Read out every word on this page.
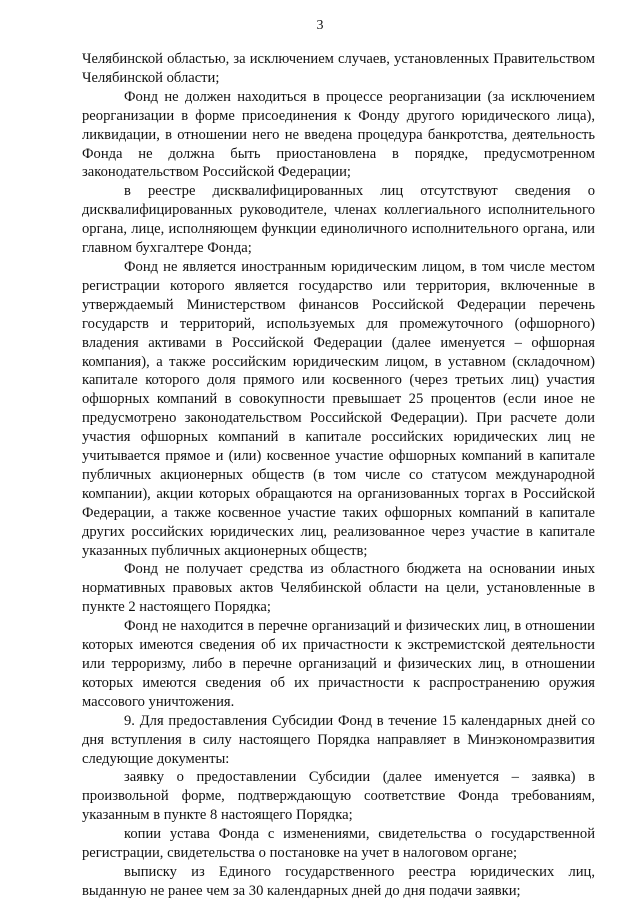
3

Челябинской областью, за исключением случаев, установленных Правительством Челябинской области;

Фонд не должен находиться в процессе реорганизации (за исключением реорганизации в форме присоединения к Фонду другого юридического лица), ликвидации, в отношении него не введена процедура банкротства, деятельность Фонда не должна быть приостановлена в порядке, предусмотренном законодательством Российской Федерации;

в реестре дисквалифицированных лиц отсутствуют сведения о дисквалифицированных руководителе, членах коллегиального исполнительного органа, лице, исполняющем функции единоличного исполнительного органа, или главном бухгалтере Фонда;

Фонд не является иностранным юридическим лицом, в том числе местом регистрации которого является государство или территория, включенные в утверждаемый Министерством финансов Российской Федерации перечень государств и территорий, используемых для промежуточного (офшорного) владения активами в Российской Федерации (далее именуется – офшорная компания), а также российским юридическим лицом, в уставном (складочном) капитале которого доля прямого или косвенного (через третьих лиц) участия офшорных компаний в совокупности превышает 25 процентов (если иное не предусмотрено законодательством Российской Федерации). При расчете доли участия офшорных компаний в капитале российских юридических лиц не учитывается прямое и (или) косвенное участие офшорных компаний в капитале публичных акционерных обществ (в том числе со статусом международной компании), акции которых обращаются на организованных торгах в Российской Федерации, а также косвенное участие таких офшорных компаний в капитале других российских юридических лиц, реализованное через участие в капитале указанных публичных акционерных обществ;

Фонд не получает средства из областного бюджета на основании иных нормативных правовых актов Челябинской области на цели, установленные в пункте 2 настоящего Порядка;

Фонд не находится в перечне организаций и физических лиц, в отношении которых имеются сведения об их причастности к экстремистской деятельности или терроризму, либо в перечне организаций и физических лиц, в отношении которых имеются сведения об их причастности к распространению оружия массового уничтожения.

9. Для предоставления Субсидии Фонд в течение 15 календарных дней со дня вступления в силу настоящего Порядка направляет в Минэкономразвития следующие документы:

заявку о предоставлении Субсидии (далее именуется – заявка) в произвольной форме, подтверждающую соответствие Фонда требованиям, указанным в пункте 8 настоящего Порядка;

копии устава Фонда с изменениями, свидетельства о государственной регистрации, свидетельства о постановке на учет в налоговом органе;

выписку из Единого государственного реестра юридических лиц, выданную не ранее чем за 30 календарных дней до дня подачи заявки;
